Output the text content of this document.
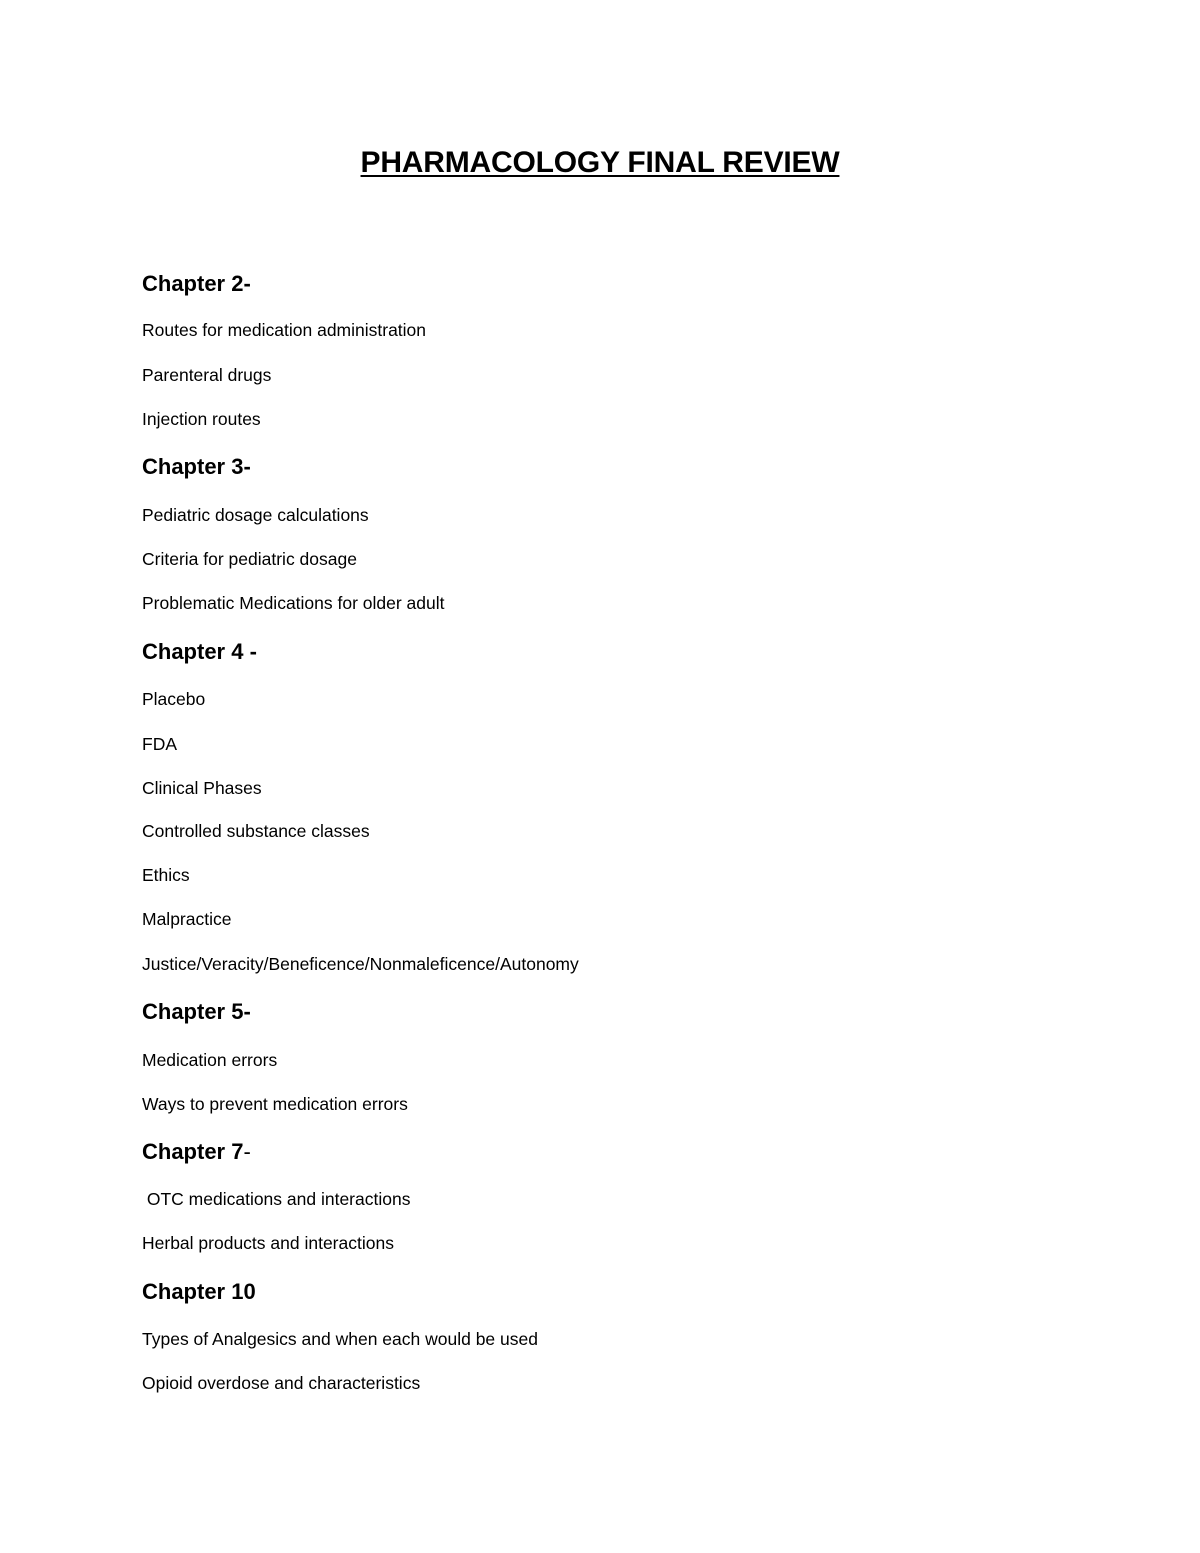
PHARMACOLOGY FINAL REVIEW
Chapter 2-

Routes for medication administration

Parenteral drugs

Injection routes

Chapter 3-

Pediatric dosage calculations

Criteria for pediatric dosage

Problematic Medications for older adult

Chapter 4 -

Placebo

FDA

Clinical Phases

Controlled substance classes

Ethics

Malpractice

Justice/Veracity/Beneficence/Nonmaleficence/Autonomy

Chapter 5-

Medication errors

Ways to prevent medication errors

Chapter 7-

OTC medications and interactions

Herbal products and interactions

Chapter 10

Types of Analgesics and when each would be used

Opioid overdose and characteristics
